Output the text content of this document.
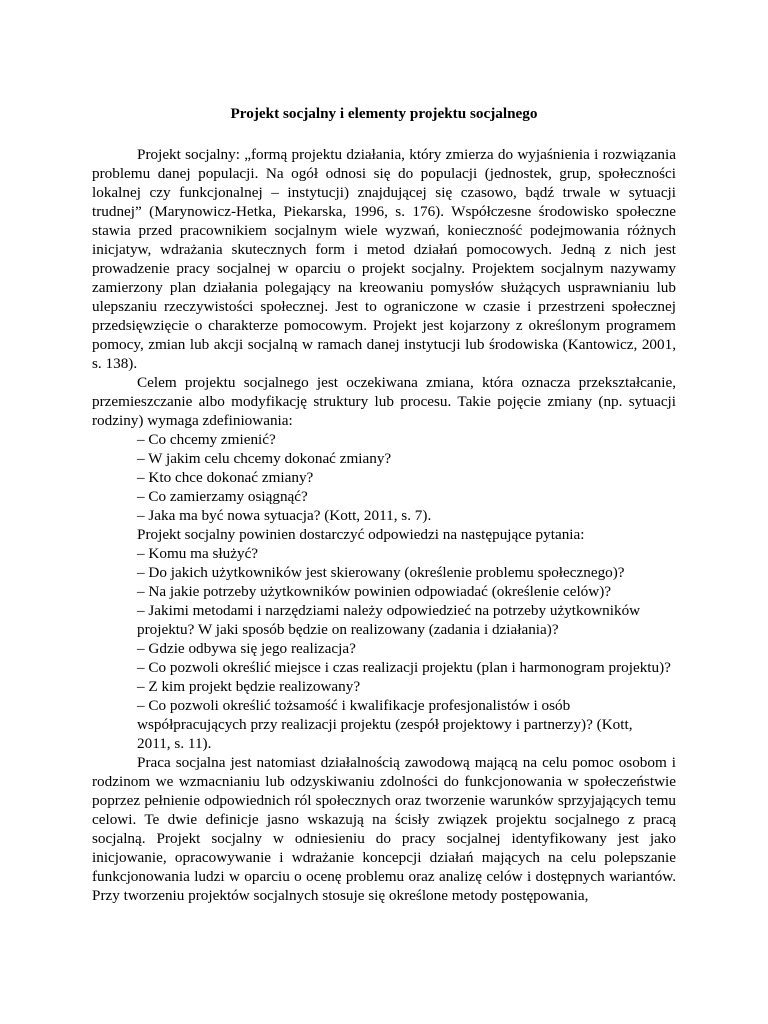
Projekt socjalny i elementy projektu socjalnego

Projekt socjalny: „formą projektu działania, który zmierza do wyjaśnienia i rozwiązania problemu danej populacji. Na ogół odnosi się do populacji (jednostek, grup, społeczności lokalnej czy funkcjonalnej – instytucji) znajdującej się czasowo, bądź trwale w sytuacji trudnej” (Marynowicz-Hetka, Piekarska, 1996, s. 176). Współczesne środowisko społeczne stawia przed pracownikiem socjalnym wiele wyzwań, konieczność podejmowania różnych inicjatyw, wdrażania skutecznych form i metod działań pomocowych. Jedną z nich jest prowadzenie pracy socjalnej w oparciu o projekt socjalny. Projektem socjalnym nazywamy zamierzony plan działania polegający na kreowaniu pomysłów służących usprawnianiu lub ulepszaniu rzeczywistości społecznej. Jest to ograniczone w czasie i przestrzeni społecznej przedsięwzięcie o charakterze pomocowym. Projekt jest kojarzony z określonym programem pomocy, zmian lub akcji socjalną w ramach danej instytucji lub środowiska (Kantowicz, 2001, s. 138).

Celem projektu socjalnego jest oczekiwana zmiana, która oznacza przekształcanie, przemieszczanie albo modyfikację struktury lub procesu. Takie pojęcie zmiany (np. sytuacji rodziny) wymaga zdefiniowania:

– Co chcemy zmienić?

– W jakim celu chcemy dokonać zmiany?

– Kto chce dokonać zmiany?

– Co zamierzamy osiągnąć?

– Jaka ma być nowa sytuacja? (Kott, 2011, s. 7).

Projekt socjalny powinien dostarczyć odpowiedzi na następujące pytania:

– Komu ma służyć?

– Do jakich użytkowników jest skierowany (określenie problemu społecznego)?

– Na jakie potrzeby użytkowników powinien odpowiadać (określenie celów)?

– Jakimi metodami i narzędziami należy odpowiedzieć na potrzeby użytkowników

projektu? W jaki sposób będzie on realizowany (zadania i działania)?

– Gdzie odbywa się jego realizacja?

– Co pozwoli określić miejsce i czas realizacji projektu (plan i harmonogram projektu)?

– Z kim projekt będzie realizowany?

– Co pozwoli określić tożsamość i kwalifikacje profesjonalistów i osób

współpracujących przy realizacji projektu (zespół projektowy i partnerzy)? (Kott,

2011, s. 11).

Praca socjalna jest natomiast działalnością zawodową mającą na celu pomoc osobom i rodzinom we wzmacnianiu lub odzyskiwaniu zdolności do funkcjonowania w społeczeństwie poprzez pełnienie odpowiednich ról społecznych oraz tworzenie warunków sprzyjających temu celowi. Te dwie definicje jasno wskazują na ścisły związek projektu socjalnego z pracą socjalną. Projekt socjalny w odniesieniu do pracy socjalnej identyfikowany jest jako inicjowanie, opracowywanie i wdrażanie koncepcji działań mających na celu polepszanie funkcjonowania ludzi w oparciu o ocenę problemu oraz analizę celów i dostępnych wariantów. Przy tworzeniu projektów socjalnych stosuje się określone metody postępowania,
